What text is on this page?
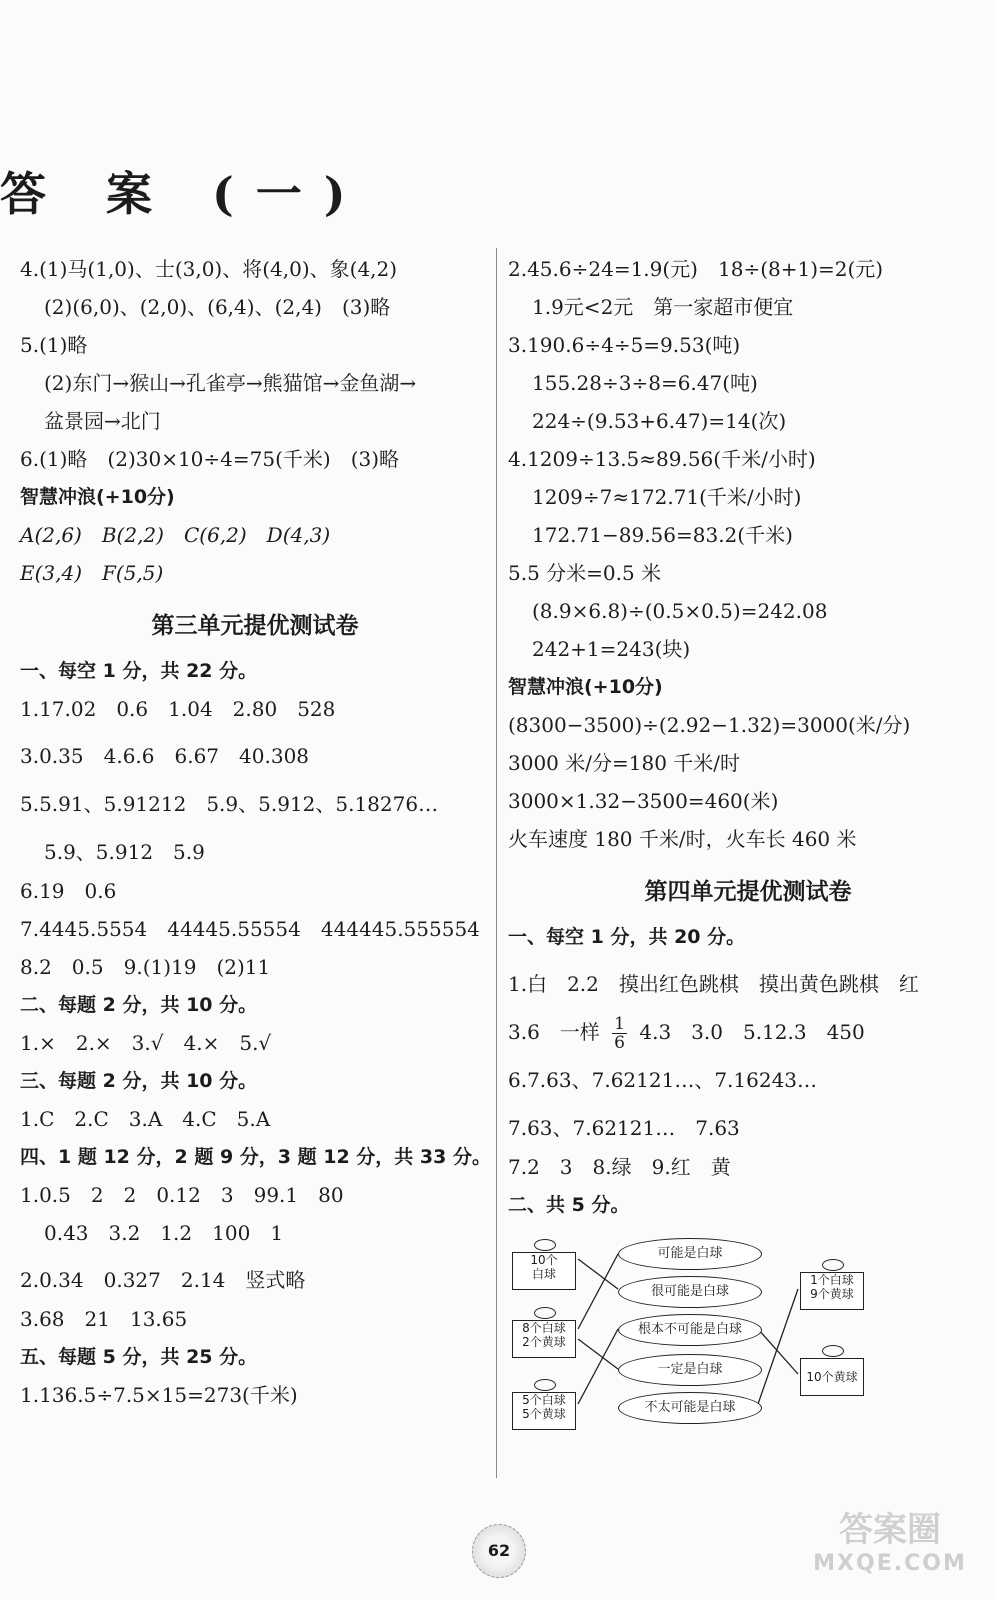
答 案 (一)
4.(1)马(1,0)、士(3,0)、将(4,0)、象(4,2)
(2)(6,0)、(2,0)、(6,4)、(2,4)　(3)略
5.(1)略
(2)东门→猴山→孔雀亭→熊猫馆→金鱼湖→
盆景园→北门
6.(1)略　(2)30×10÷4=75(千米)　(3)略
智慧冲浪(+10分)
A(2,6)　B(2,2)　C(6,2)　D(4,3)
E(3,4)　F(5,5)
第三单元提优测试卷
一、每空 1 分，共 22 分。
1.17.02　0.6　1.04　2.80　528
3.0.35　4.6.6　6.67　40.308
5.5.91、5.91212　5.9、5.912、5.18276…
5.9、5.912　5.9
6.19　0.6
7.4445.5554　44445.55554　444445.555554
8.2　0.5　9.(1)19　(2)11
二、每题 2 分，共 10 分。
1.×　2.×　3.√　4.×　5.√
三、每题 2 分，共 10 分。
1.C　2.C　3.A　4.C　5.A
四、1 题 12 分，2 题 9 分，3 题 12 分，共 33 分。
1.0.5　2　2　0.12　3　99.1　80
0.43　3.2　1.2　100　1
2.0.34　0.327　2.14　竖式略
3.68　21　13.65
五、每题 5 分，共 25 分。
1.136.5÷7.5×15=273(千米)
2.45.6÷24=1.9(元)　18÷(8+1)=2(元)
1.9元<2元　第一家超市便宜
3.190.6÷4÷5=9.53(吨)
155.28÷3÷8=6.47(吨)
224÷(9.53+6.47)=14(次)
4.1209÷13.5≈89.56(千米/小时)
1209÷7≈172.71(千米/小时)
172.71−89.56=83.2(千米)
5.5 分米=0.5 米
(8.9×6.8)÷(0.5×0.5)=242.08
242+1=243(块)
智慧冲浪(+10分)
(8300−3500)÷(2.92−1.32)=3000(米/分)
3000 米/分=180 千米/时
3000×1.32−3500=460(米)
火车速度 180 千米/时，火车长 460 米
第四单元提优测试卷
一、每空 1 分，共 20 分。
1.白　2.2　摸出红色跳棋　摸出黄色跳棋　红
3.6　一样 $\frac{1}{6} 4.3$　3.0　5.12.3　450
6.7.63、7.62121…、7.16243…
7.63、7.62121…　7.63
7.2　3　8.绿　9.红　黄
二、共 5 分。
10个
白球
8个白球
2个黄球
5个白球
5个黄球
可能是白球
很可能是白球
根本不可能是白球
一定是白球
不太可能是白球
1个白球
9个黄球
10个黄球
62
答案圈
MXQE.COM
